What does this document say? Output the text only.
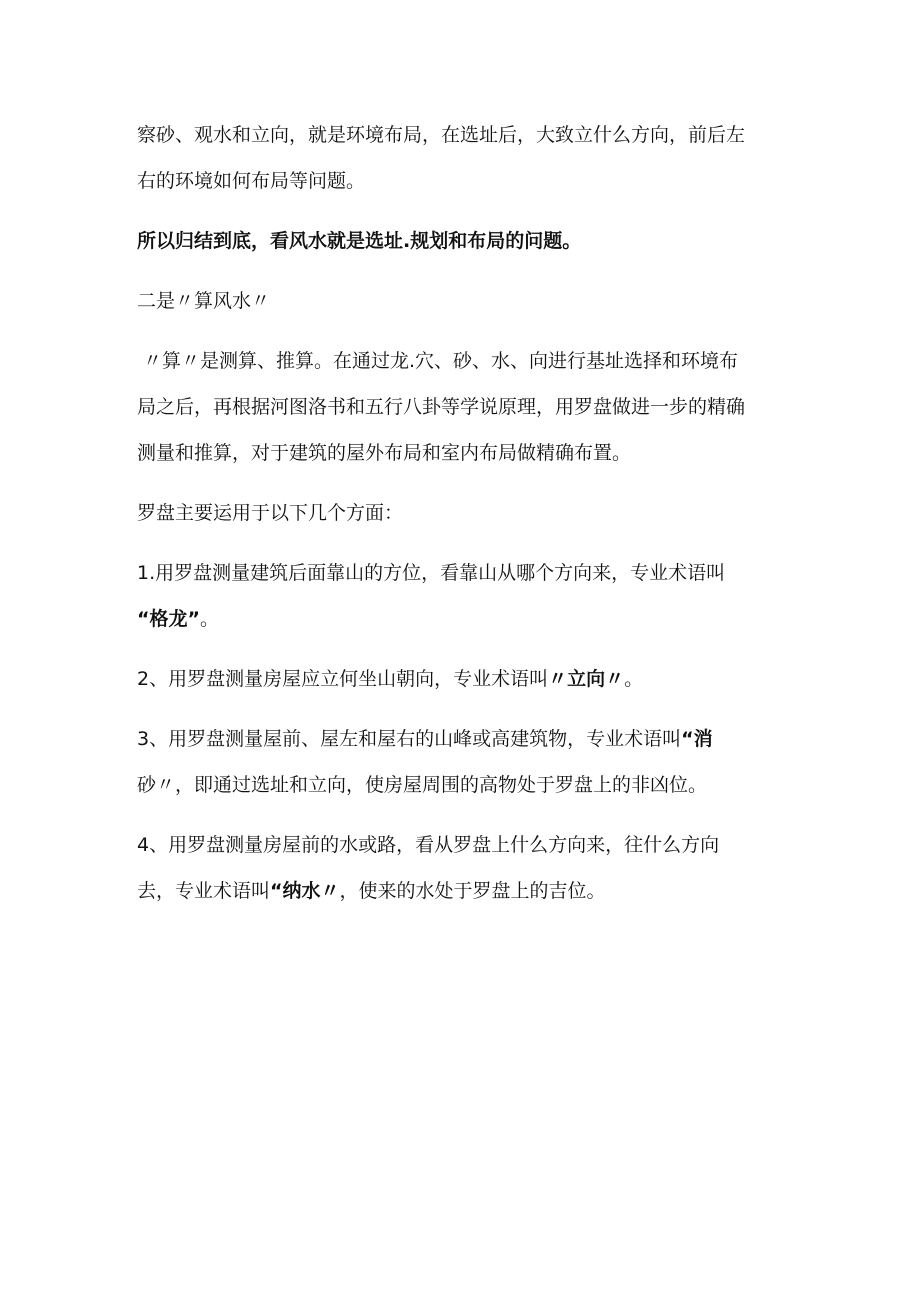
察砂、观水和立向，就是环境布局，在选址后，大致立什么方向，前后左
右的环境如何布局等问题。

所以归结到底，看风水就是选址.规划和布局的问题。

二是〃算风水〃

〃算〃是测算、推算。在通过龙.穴、砂、水、向进行基址选择和环境布
局之后，再根据河图洛书和五行八卦等学说原理，用罗盘做进一步的精确
测量和推算，对于建筑的屋外布局和室内布局做精确布置。

罗盘主要运用于以下几个方面：

1.用罗盘测量建筑后面靠山的方位，看靠山从哪个方向来，专业术语叫
“格龙”。

2、用罗盘测量房屋应立何坐山朝向，专业术语叫〃立向〃。

3、用罗盘测量屋前、屋左和屋右的山峰或高建筑物，专业术语叫“消
砂〃，即通过选址和立向，使房屋周围的高物处于罗盘上的非凶位。

4、用罗盘测量房屋前的水或路，看从罗盘上什么方向来，往什么方向
去，专业术语叫“纳水〃，使来的水处于罗盘上的吉位。
